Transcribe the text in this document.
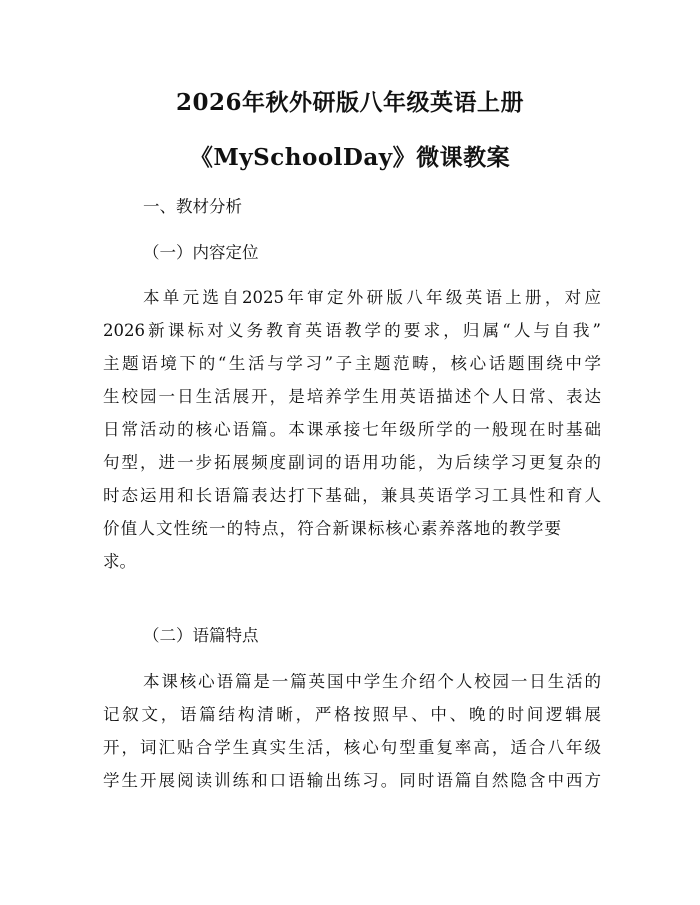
2026年秋外研版八年级英语上册
《MySchoolDay》微课教案

一、教材分析

（一）内容定位

本单元选自2025年审定外研版八年级英语上册，对应

2026新课标对义务教育英语教学的要求，归属“人与自我”

主题语境下的“生活与学习”子主题范畴，核心话题围绕中学

生校园一日生活展开，是培养学生用英语描述个人日常、表达

日常活动的核心语篇。本课承接七年级所学的一般现在时基础

句型，进一步拓展频度副词的语用功能，为后续学习更复杂的

时态运用和长语篇表达打下基础，兼具英语学习工具性和育人

价值人文性统一的特点，符合新课标核心素养落地的教学要

求。

（二）语篇特点

本课核心语篇是一篇英国中学生介绍个人校园一日生活的

记叙文，语篇结构清晰，严格按照早、中、晚的时间逻辑展

开，词汇贴合学生真实生活，核心句型重复率高，适合八年级

学生开展阅读训练和口语输出练习。同时语篇自然隐含中西方
